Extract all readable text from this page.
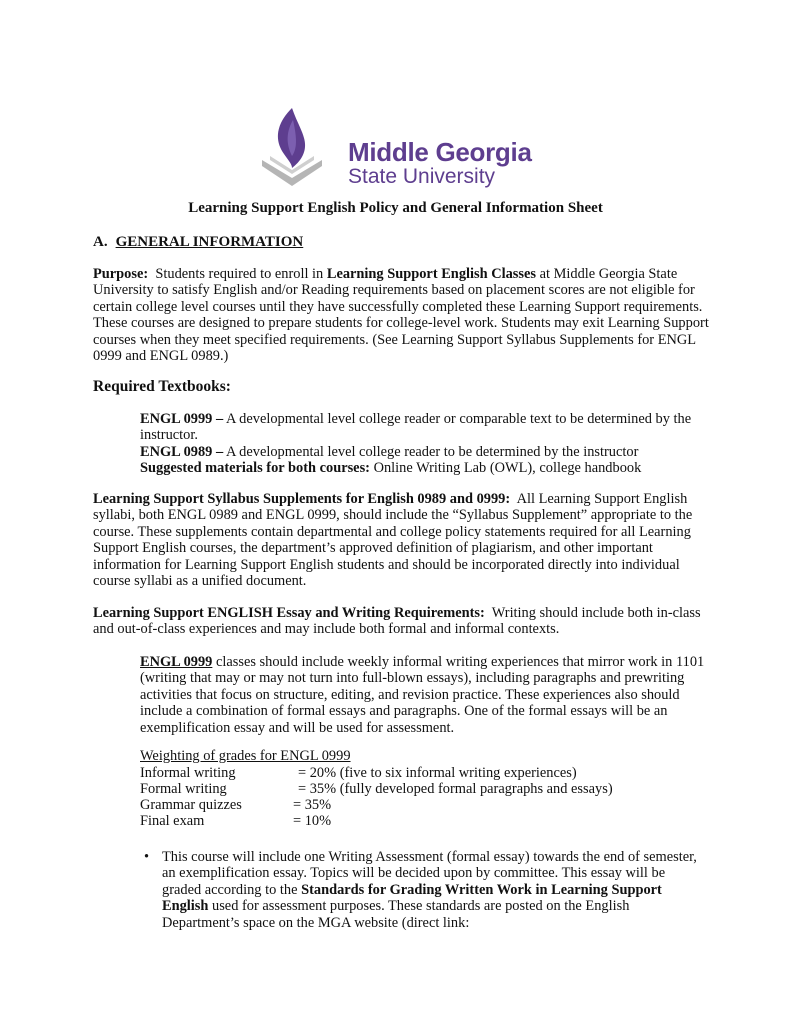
Middle Georgia
State University
Learning Support English Policy and General Information Sheet
A. GENERAL INFORMATION
Purpose: Students required to enroll in Learning Support English Classes at Middle Georgia State University to satisfy English and/or Reading requirements based on placement scores are not eligible for certain college level courses until they have successfully completed these Learning Support requirements. These courses are designed to prepare students for college-level work. Students may exit Learning Support courses when they meet specified requirements. (See Learning Support Syllabus Supplements for ENGL 0999 and ENGL 0989.)
Required Textbooks:
ENGL 0999 – A developmental level college reader or comparable text to be determined by the instructor.
ENGL 0989 – A developmental level college reader to be determined by the instructor
Suggested materials for both courses: Online Writing Lab (OWL), college handbook
Learning Support Syllabus Supplements for English 0989 and 0999: All Learning Support English syllabi, both ENGL 0989 and ENGL 0999, should include the “Syllabus Supplement” appropriate to the course. These supplements contain departmental and college policy statements required for all Learning Support English courses, the department’s approved definition of plagiarism, and other important information for Learning Support English students and should be incorporated directly into individual course syllabi as a unified document.
Learning Support ENGLISH Essay and Writing Requirements: Writing should include both in-class and out-of-class experiences and may include both formal and informal contexts.
ENGL 0999 classes should include weekly informal writing experiences that mirror work in 1101 (writing that may or may not turn into full-blown essays), including paragraphs and prewriting activities that focus on structure, editing, and revision practice. These experiences also should include a combination of formal essays and paragraphs. One of the formal essays will be an exemplification essay and will be used for assessment.
Weighting of grades for ENGL 0999
Informal writing	= 20% (five to six informal writing experiences)
Formal writing	= 35% (fully developed formal paragraphs and essays)
Grammar quizzes	= 35%
Final exam	= 10%
• This course will include one Writing Assessment (formal essay) towards the end of semester, an exemplification essay. Topics will be decided upon by committee. This essay will be graded according to the Standards for Grading Written Work in Learning Support English used for assessment purposes. These standards are posted on the English Department’s space on the MGA website (direct link:
